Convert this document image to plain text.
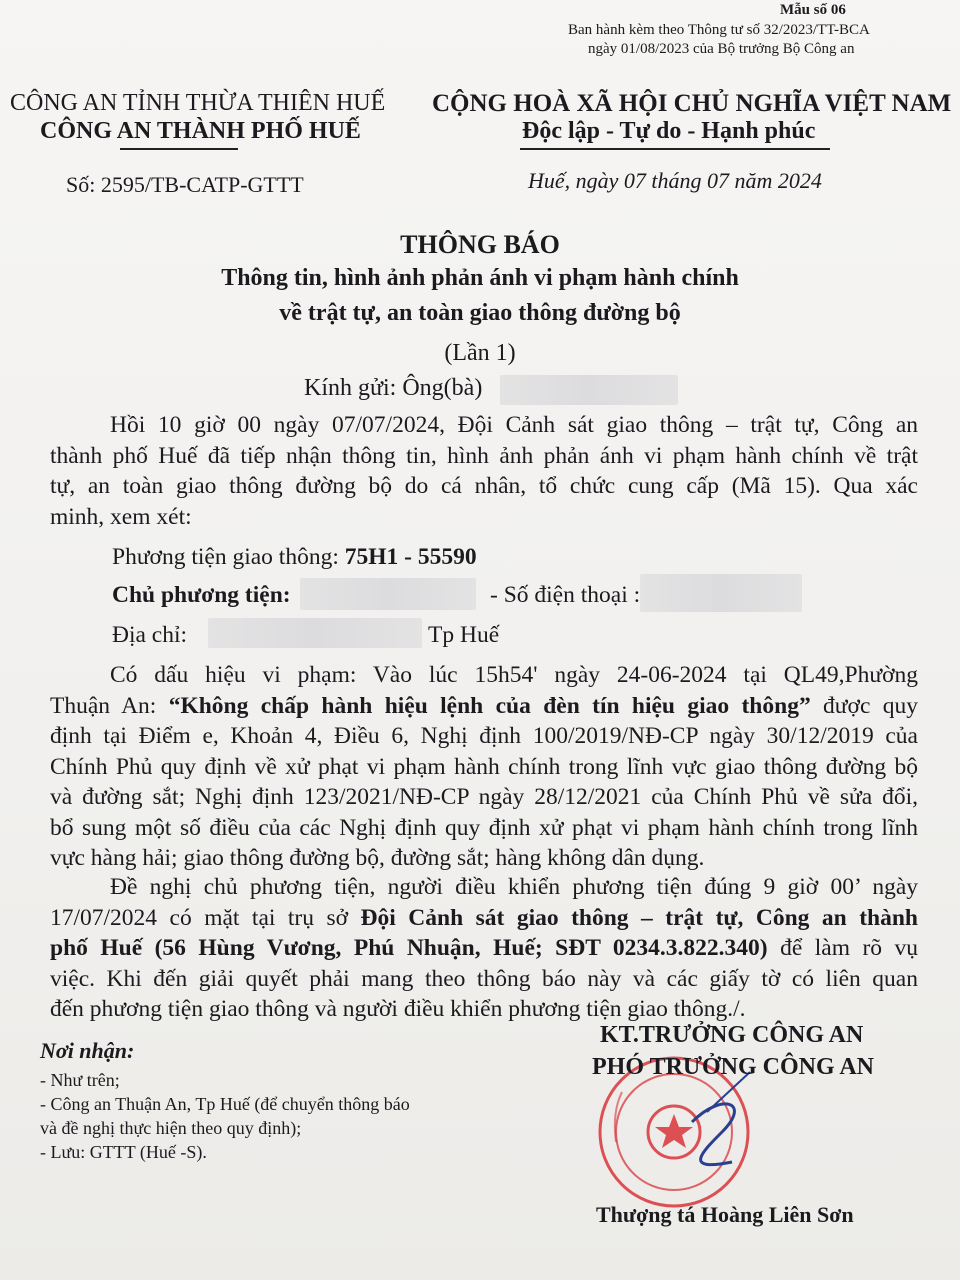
Mẫu số 06
Ban hành kèm theo Thông tư số 32/2023/TT-BCA
ngày 01/08/2023 của Bộ trưởng Bộ Công an
CÔNG AN TỈNH THỪA THIÊN HUẾ
CÔNG AN THÀNH PHỐ HUẾ
CỘNG HOÀ XÃ HỘI CHỦ NGHĨA VIỆT NAM
Độc lập - Tự do - Hạnh phúc
Số: 2595/TB-CATP-GTTT	Huế, ngày 07 tháng 07 năm 2024
THÔNG BÁO
Thông tin, hình ảnh phản ánh vi phạm hành chính
về trật tự, an toàn giao thông đường bộ
(Lần 1)
Kính gửi: Ông(bà)
Hồi 10 giờ 00 ngày 07/07/2024, Đội Cảnh sát giao thông – trật tự, Công an
thành phố Huế đã tiếp nhận thông tin, hình ảnh phản ánh vi phạm hành chính về trật
tự, an toàn giao thông đường bộ do cá nhân, tổ chức cung cấp (Mã 15). Qua xác
minh, xem xét:
Phương tiện giao thông: 75H1 - 55590
Chủ phương tiện:	- Số điện thoại :
Địa chỉ:	Tp Huế
Có dấu hiệu vi phạm: Vào lúc 15h54' ngày 24-06-2024 tại QL49,Phường
Thuận An: “Không chấp hành hiệu lệnh của đèn tín hiệu giao thông” được quy
định tại Điểm e, Khoản 4, Điều 6, Nghị định 100/2019/NĐ-CP ngày 30/12/2019 của
Chính Phủ quy định về xử phạt vi phạm hành chính trong lĩnh vực giao thông đường bộ
và đường sắt; Nghị định 123/2021/NĐ-CP ngày 28/12/2021 của Chính Phủ về sửa đổi,
bổ sung một số điều của các Nghị định quy định xử phạt vi phạm hành chính trong lĩnh
vực hàng hải; giao thông đường bộ, đường sắt; hàng không dân dụng.
Đề nghị chủ phương tiện, người điều khiển phương tiện đúng 9 giờ 00’ ngày
17/07/2024 có mặt tại trụ sở Đội Cảnh sát giao thông – trật tự, Công an thành
phố Huế (56 Hùng Vương, Phú Nhuận, Huế; SĐT 0234.3.822.340) để làm rõ vụ
việc. Khi đến giải quyết phải mang theo thông báo này và các giấy tờ có liên quan
đến phương tiện giao thông và người điều khiển phương tiện giao thông./.
Nơi nhận:
- Như trên;
- Công an Thuận An, Tp Huế (để chuyển thông báo
và đề nghị thực hiện theo quy định);
- Lưu: GTTT (Huế -S).
KT.TRƯỞNG CÔNG AN
PHÓ TRƯỞNG CÔNG AN
Thượng tá Hoàng Liên Sơn
